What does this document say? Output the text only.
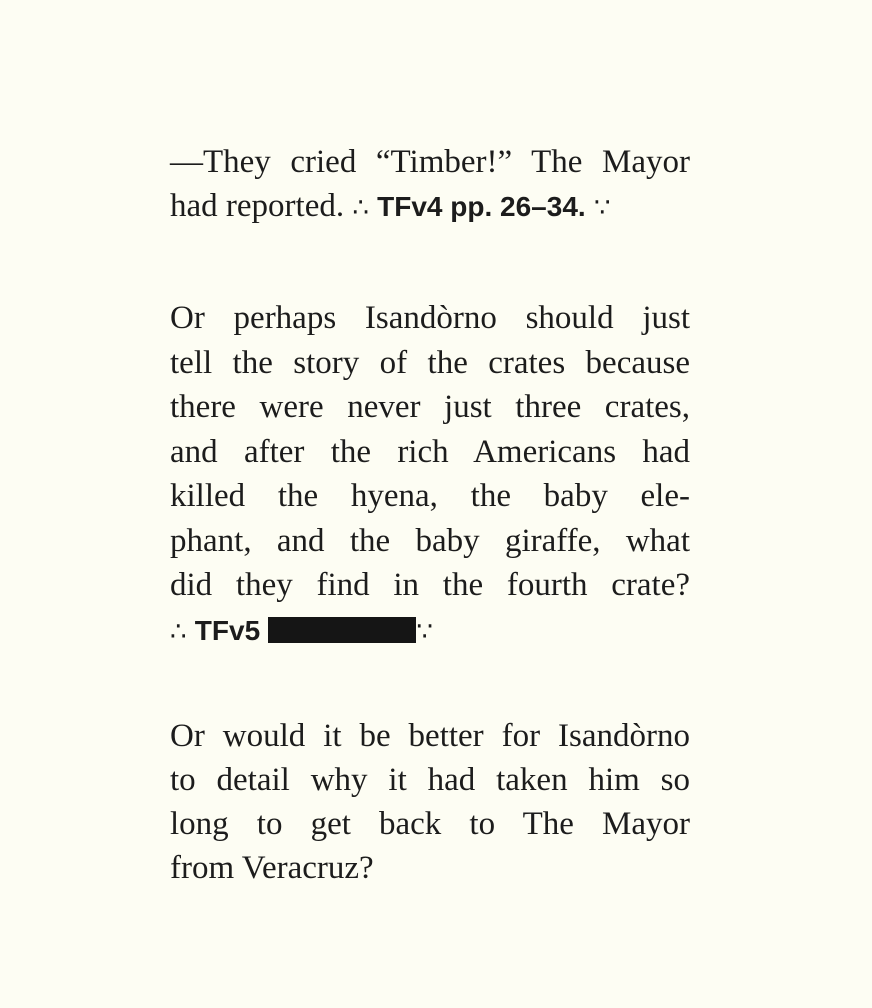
—They cried “Timber!” The Mayor
had reported. ∴ TFv4 pp. 26–34. ∵
Or perhaps Isandòrno should just
tell the story of the crates because
there were never just three crates,
and after the rich Americans had
killed the hyena, the baby ele-
phant, and the baby giraffe, what
did they find in the fourth crate?
∴ TFv5	∵
Or would it be better for Isandòrno
to detail why it had taken him so
long to get back to The Mayor
from Veracruz?
